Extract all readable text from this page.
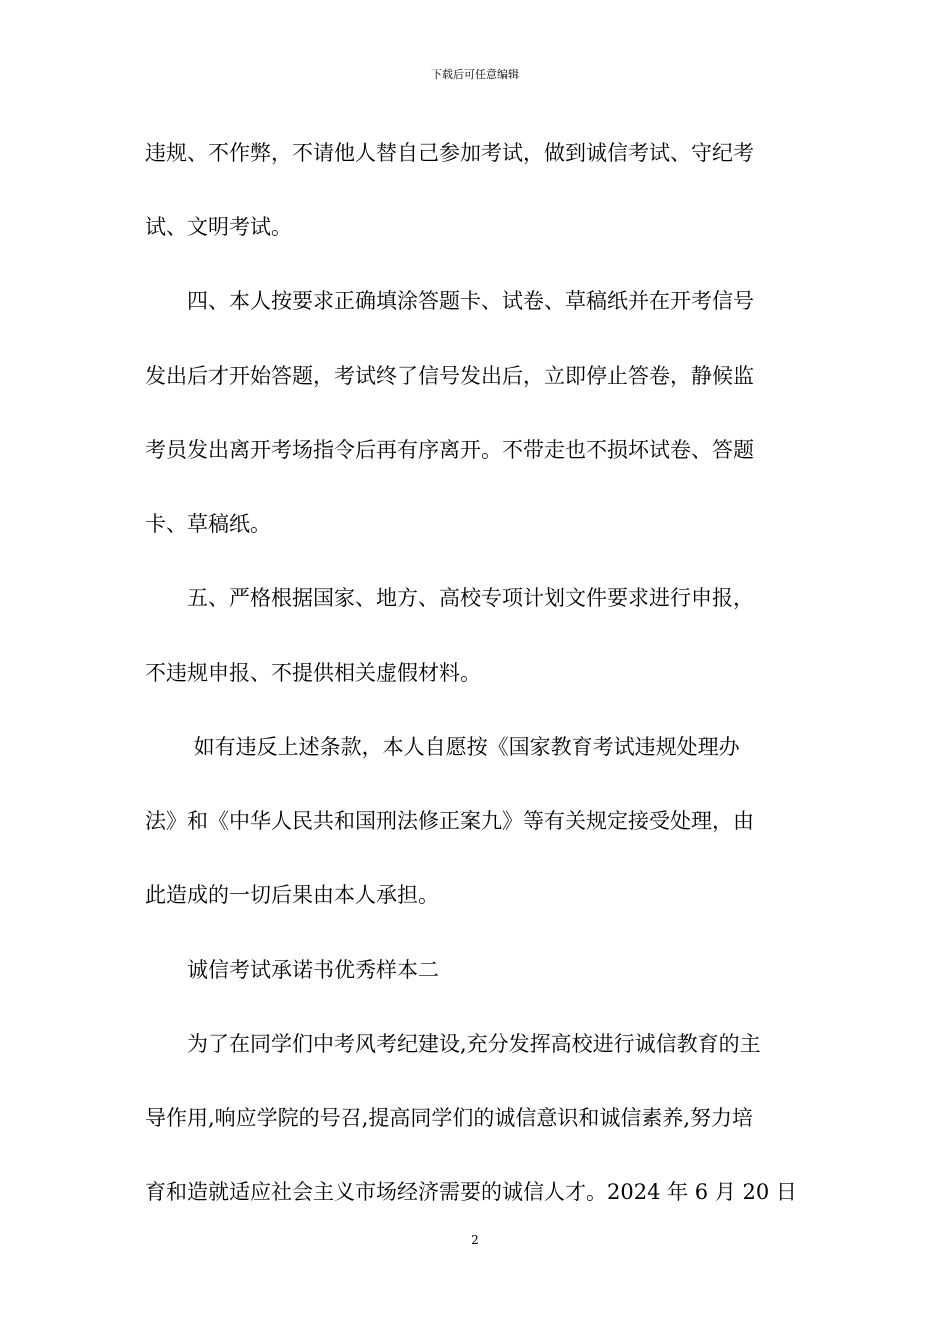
下载后可任意编辑
违规、不作弊，不请他人替自己参加考试，做到诚信考试、守纪考
试、文明考试。
　　四、本人按要求正确填涂答题卡、试卷、草稿纸并在开考信号
发出后才开始答题，考试终了信号发出后，立即停止答卷，静候监
考员发出离开考场指令后再有序离开。不带走也不损坏试卷、答题
卡、草稿纸。
　　五、严格根据国家、地方、高校专项计划文件要求进行申报，
不违规申报、不提供相关虚假材料。
　　 如有违反上述条款，本人自愿按《国家教育考试违规处理办
法》和《中华人民共和国刑法修正案九》等有关规定接受处理，由
此造成的一切后果由本人承担。
　　诚信考试承诺书优秀样本二
　　为了在同学们中考风考纪建设,充分发挥高校进行诚信教育的主
导作用,响应学院的号召,提高同学们的诚信意识和诚信素养,努力培
育和造就适应社会主义市场经济需要的诚信人才。2024 年 6 月 20 日
2
